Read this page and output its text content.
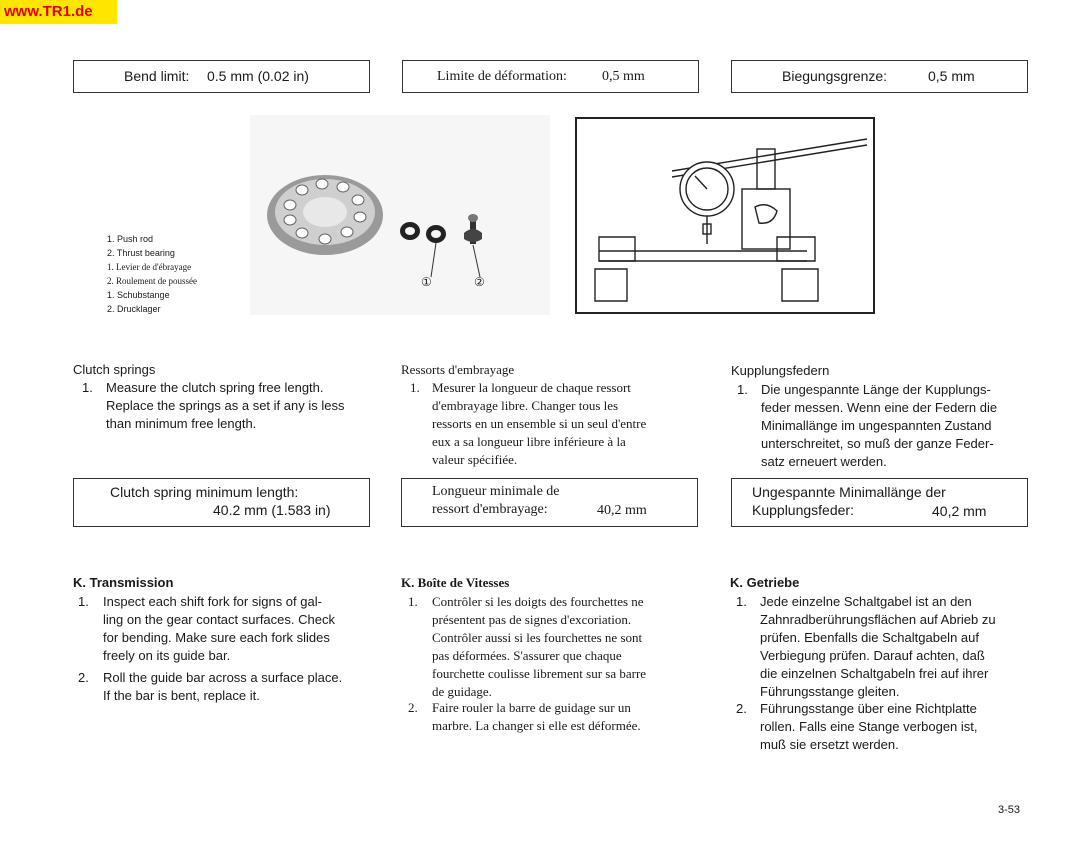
www.TR1.de
Bend limit: 0.5 mm (0.02 in)	Limite de déformation:	0,5 mm	Biegungsgrenze:	0,5 mm
①	②
1. Push rod
2. Thrust bearing
1. Levier de d'ébrayage
2. Roulement de poussée
1. Schubstange
2. Drucklager
Clutch springs
1. Measure the clutch spring free length.
Replace the springs as a set if any is less
than minimum free length.
Ressorts d'embrayage
1. Mesurer la longueur de chaque ressort
d'embrayage libre. Changer tous les
ressorts en un ensemble si un seul d'entre
eux a sa longueur libre inférieure à la
valeur spécifiée.
Kupplungsfedern
1. Die ungespannte Länge der Kupplungs-
feder messen. Wenn eine der Federn die
Minimallänge im ungespannten Zustand
unterschreitet, so muß der ganze Feder-
satz erneuert werden.
Clutch spring minimum length:
40.2 mm (1.583 in)
Longueur minimale de
ressort d'embrayage:	40,2 mm
Ungespannte Minimallänge der
Kupplungsfeder:	40,2 mm
K. Transmission
1. Inspect each shift fork for signs of gal-
ling on the gear contact surfaces. Check
for bending. Make sure each fork slides
freely on its guide bar.
2. Roll the guide bar across a surface place.
If the bar is bent, replace it.
K. Boîte de Vitesses
1. Contrôler si les doigts des fourchettes ne
présentent pas de signes d'excoriation.
Contrôler aussi si les fourchettes ne sont
pas déformées. S'assurer que chaque
fourchette coulisse librement sur sa barre
de guidage.
2. Faire rouler la barre de guidage sur un
marbre. La changer si elle est déformée.
K. Getriebe
1. Jede einzelne Schaltgabel ist an den
Zahnradberührungsflächen auf Abrieb zu
prüfen. Ebenfalls die Schaltgabeln auf
Verbiegung prüfen. Darauf achten, daß
die einzelnen Schaltgabeln frei auf ihrer
Führungsstange gleiten.
2. Führungsstange über eine Richtplatte
rollen. Falls eine Stange verbogen ist,
muß sie ersetzt werden.
3-53
